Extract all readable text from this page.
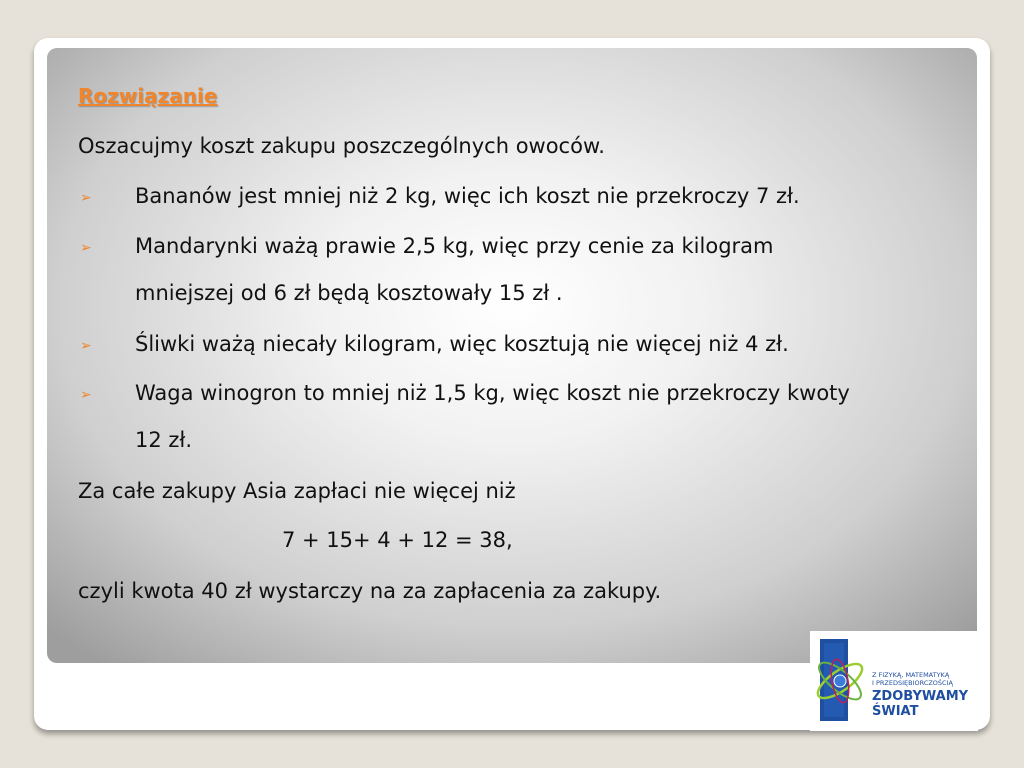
Rozwiązanie
Oszacujmy koszt zakupu poszczególnych owoców.
➢ Bananów jest mniej niż 2 kg, więc ich koszt nie przekroczy 7 zł.
➢ Mandarynki ważą prawie 2,5 kg, więc przy cenie za kilogram
mniejszej od 6 zł będą kosztowały 15 zł .
➢ Śliwki ważą niecały kilogram, więc kosztują nie więcej niż 4 zł.
➢ Waga winogron to mniej niż 1,5 kg, więc koszt nie przekroczy kwoty
12 zł.
Za całe zakupy Asia zapłaci nie więcej niż
7 + 15+ 4 + 12 = 38,
czyli kwota 40 zł wystarczy na za zapłacenia za zakupy.
Z FIZYKĄ, MATEMATYKĄ
I PRZEDSIĘBIORCZOŚCIĄ
ZDOBYWAMY
ŚWIAT
